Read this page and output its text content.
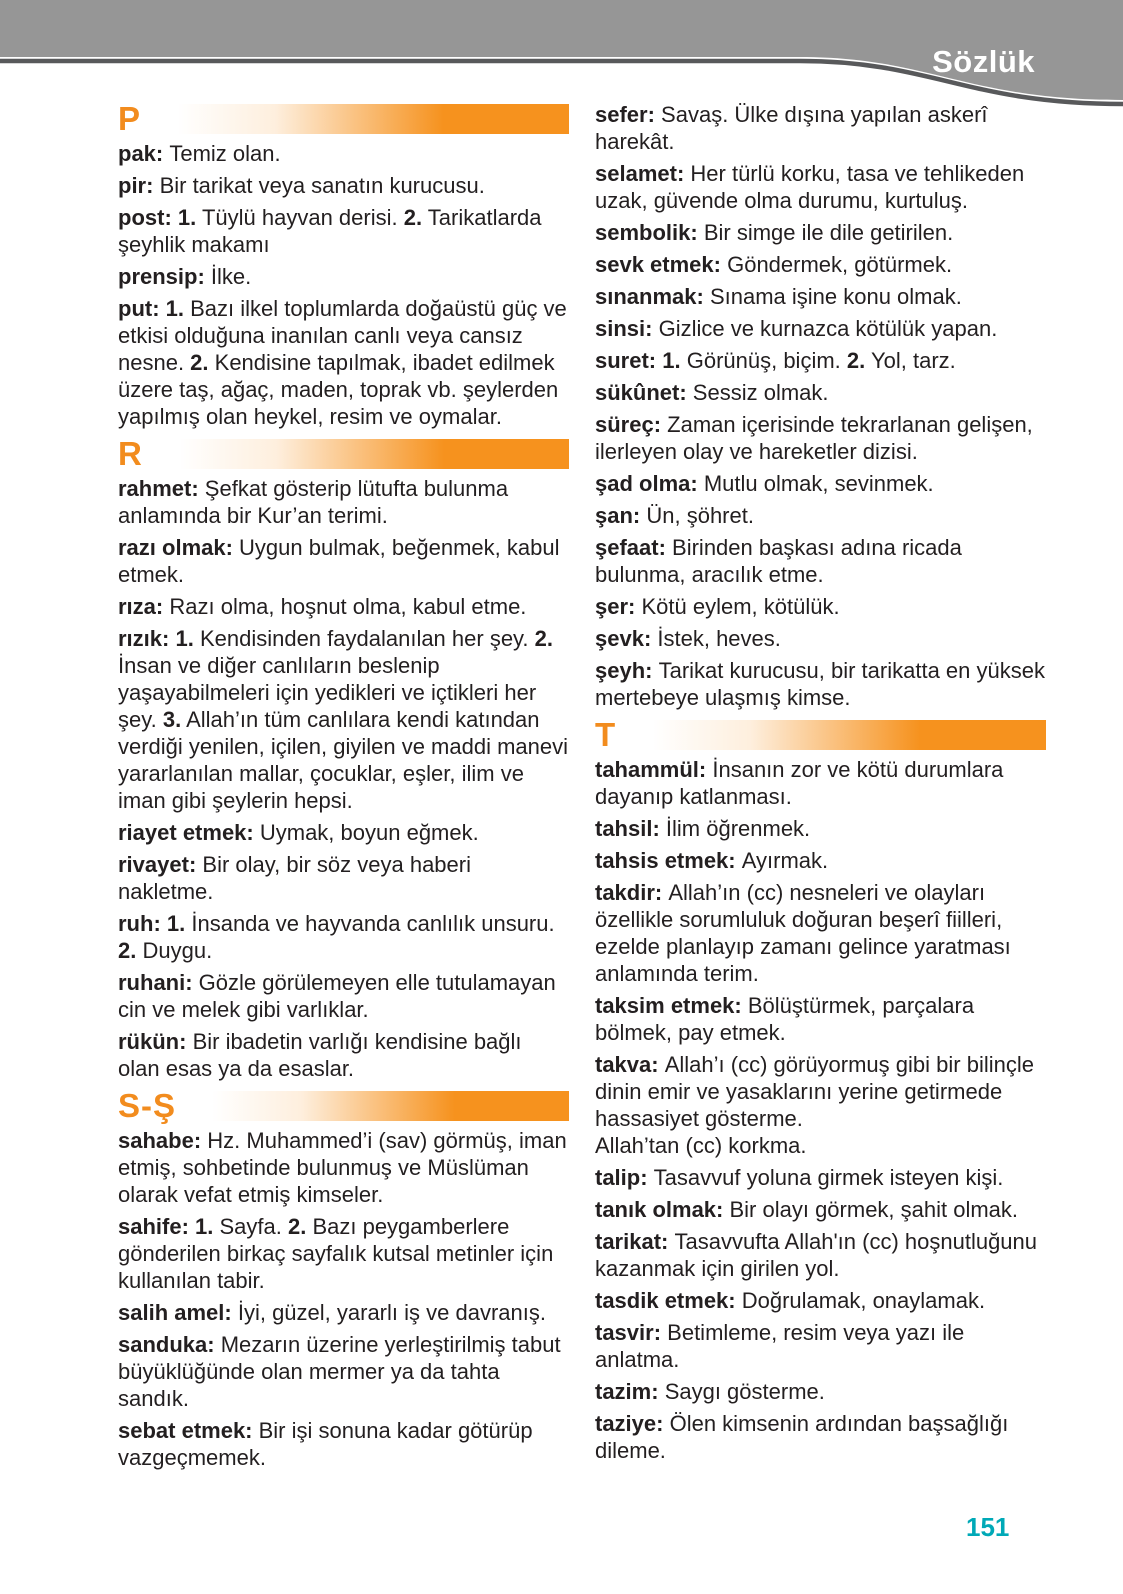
Sözlük
P

pak: Temiz olan.

pir: Bir tarikat veya sanatın kurucusu.

post: 1. Tüylü hayvan derisi. 2. Tarikatlarda şeyhlik makamı

prensip: İlke.

put: 1. Bazı ilkel toplumlarda doğaüstü güç ve etkisi olduğuna inanılan canlı veya cansız nesne. 2. Kendisine tapılmak, ibadet edilmek üzere taş, ağaç, maden, toprak vb. şeylerden yapılmış olan heykel, resim ve oymalar.

R

rahmet: Şefkat gösterip lütufta bulunma anlamında bir Kur’an terimi.

razı olmak: Uygun bulmak, beğenmek, kabul etmek.

rıza: Razı olma, hoşnut olma, kabul etme.

rızık: 1. Kendisinden faydalanılan her şey. 2. İnsan ve diğer canlıların beslenip yaşayabilmeleri için yedikleri ve içtikleri her şey. 3. Allah’ın tüm canlılara kendi katından verdiği yenilen, içilen, giyilen ve maddi manevi yararlanılan mallar, çocuklar, eşler, ilim ve iman gibi şeylerin hepsi.

riayet etmek: Uymak, boyun eğmek.

rivayet: Bir olay, bir söz veya haberi nakletme.

ruh: 1. İnsanda ve hayvanda canlılık unsuru. 2. Duygu.

ruhani: Gözle görülemeyen elle tutulamayan cin ve melek gibi varlıklar.

rükün: Bir ibadetin varlığı kendisine bağlı olan esas ya da esaslar.

S-Ş

sahabe: Hz. Muhammed’i (sav) görmüş, iman etmiş, sohbetinde bulunmuş ve Müslüman olarak vefat etmiş kimseler.

sahife: 1. Sayfa. 2. Bazı peygamberlere gönderilen birkaç sayfalık kutsal metinler için kullanılan tabir.

salih amel: İyi, güzel, yararlı iş ve davranış.

sanduka: Mezarın üzerine yerleştirilmiş tabut büyüklüğünde olan mermer ya da tahta sandık.

sebat etmek: Bir işi sonuna kadar götürüp vazgeçmemek.

sefer: Savaş. Ülke dışına yapılan askerî harekât.

selamet: Her türlü korku, tasa ve tehlikeden uzak, güvende olma durumu, kurtuluş.

sembolik: Bir simge ile dile getirilen.

sevk etmek: Göndermek, götürmek.

sınanmak: Sınama işine konu olmak.

sinsi: Gizlice ve kurnazca kötülük yapan.

suret: 1. Görünüş, biçim. 2. Yol, tarz.

sükûnet: Sessiz olmak.

süreç: Zaman içerisinde tekrarlanan gelişen, ilerleyen olay ve hareketler dizisi.

şad olma: Mutlu olmak, sevinmek.

şan: Ün, şöhret.

şefaat: Birinden başkası adına ricada bulunma, aracılık etme.

şer: Kötü eylem, kötülük.

şevk: İstek, heves.

şeyh: Tarikat kurucusu, bir tarikatta en yüksek mertebeye ulaşmış kimse.

T

tahammül: İnsanın zor ve kötü durumlara dayanıp katlanması.

tahsil: İlim öğrenmek.

tahsis etmek: Ayırmak.

takdir: Allah’ın (cc) nesneleri ve olayları özellikle sorumluluk doğuran beşerî fiilleri, ezelde planlayıp zamanı gelince yaratması anlamında terim.

taksim etmek: Bölüştürmek, parçalara bölmek, pay etmek.

takva: Allah’ı (cc) görüyormuş gibi bir bilinçle dinin emir ve yasaklarını yerine getirmede hassasiyet gösterme.
Allah’tan (cc) korkma.

talip: Tasavvuf yoluna girmek isteyen kişi.

tanık olmak: Bir olayı görmek, şahit olmak.

tarikat: Tasavvufta Allah'ın (cc) hoşnutluğunu kazanmak için girilen yol.

tasdik etmek: Doğrulamak, onaylamak.

tasvir: Betimleme, resim veya yazı ile anlatma.

tazim: Saygı gösterme.

taziye: Ölen kimsenin ardından başsağlığı dileme.

151
